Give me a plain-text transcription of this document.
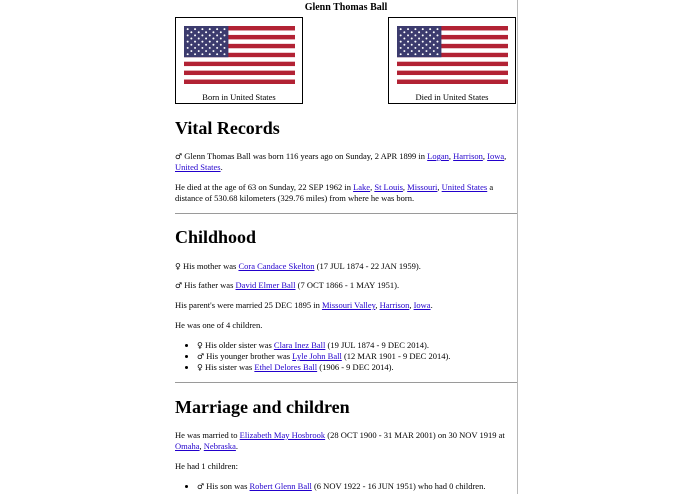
Glenn Thomas Ball
Born in United States	Died in United States
Vital Records

♂ Glenn Thomas Ball was born 116 years ago on Sunday, 2 APR 1899 in Logan, Harrison, Iowa, United States.

He died at the age of 63 on Sunday, 22 SEP 1962 in Lake, St Louis, Missouri, United States a distance of 530.68 kilometers (329.76 miles) from where he was born.

Childhood

♀ His mother was Cora Candace Skelton (17 JUL 1874 - 22 JAN 1959).

♂ His father was David Elmer Ball (7 OCT 1866 - 1 MAY 1951).

His parent's were married 25 DEC 1895 in Missouri Valley, Harrison, Iowa.

He was one of 4 children.

• ♀ His older sister was Clara Inez Ball (19 JUL 1874 - 9 DEC 2014).
• ♂ His younger brother was Lyle John Ball (12 MAR 1901 - 9 DEC 2014).
• ♀ His sister was Ethel Delores Ball (1906 - 9 DEC 2014).
Marriage and children

He was married to Elizabeth May Hosbrook (28 OCT 1900 - 31 MAR 2001) on 30 NOV 1919 at Omaha, Nebraska.

He had 1 children:

• ♂ His son was Robert Glenn Ball (6 NOV 1922 - 16 JUN 1951) who had 0 children.
